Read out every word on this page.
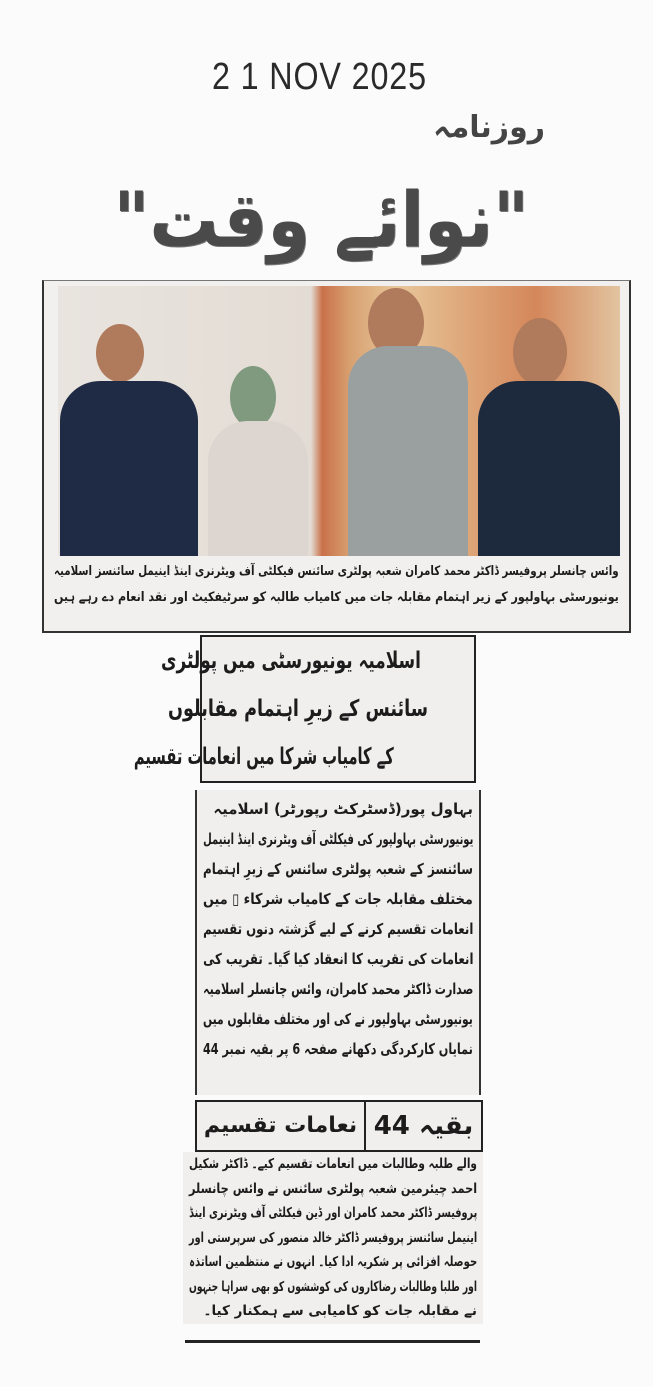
2 1 NOV 2025
روزنامہ
"نوائے وقت"
وائس چانسلر پروفیسر ڈاکٹر محمد کامران شعبہ پولٹری سائنس فیکلٹی آف ویٹرنری اینڈ اینیمل سائنسز اسلامیہ
یونیورسٹی بہاولپور کے زیر اہتمام مقابلہ جات میں کامیاب طالبہ کو سرٹیفکیٹ اور نقد انعام دے رہے ہیں
اسلامیہ یونیورسٹی میں پولٹری
سائنس کے زیرِ اہتمام مقابلوں
کے کامیاب شرکا میں انعامات تقسیم
بہاول پور(ڈسٹرکٹ رپورٹر) اسلامیہ
یونیورسٹی بہاولپور کی فیکلٹی آف ویٹرنری اینڈ اینیمل
سائنسز کے شعبہ پولٹری سائنس کے زیرِ اہتمام
مختلف مقابلہ جات کے کامیاب شرکاء ▯ میں
انعامات تقسیم کرنے کے لیے گزشتہ دنوں تقسیم
انعامات کی تقریب کا انعقاد کیا گیا۔ تقریب کی
صدارت ڈاکٹر محمد کامران، وائس چانسلر اسلامیہ
یونیورسٹی بہاولپور نے کی اور مختلف مقابلوں میں
نمایاں کارکردگی دکھانے صفحہ 6 پر بقیہ نمبر 44
نعامات تقسیم بقیہ 44
والے طلبہ وطالبات میں انعامات تقسیم کیے۔ ڈاکٹر شکیل
احمد چیئرمین شعبہ پولٹری سائنس نے وائس چانسلر
پروفیسر ڈاکٹر محمد کامران اور ڈین فیکلٹی آف ویٹرنری اینڈ
اینیمل سائنسز پروفیسر ڈاکٹر خالد منصور کی سرپرستی اور
حوصلہ افزائی پر شکریہ ادا کیا۔ انہوں نے منتظمین اساتذہ
اور طلبا وطالبات رضاکاروں کی کوششوں کو بھی سراہا جنہوں
نے مقابلہ جات کو کامیابی سے ہمکنار کیا۔
